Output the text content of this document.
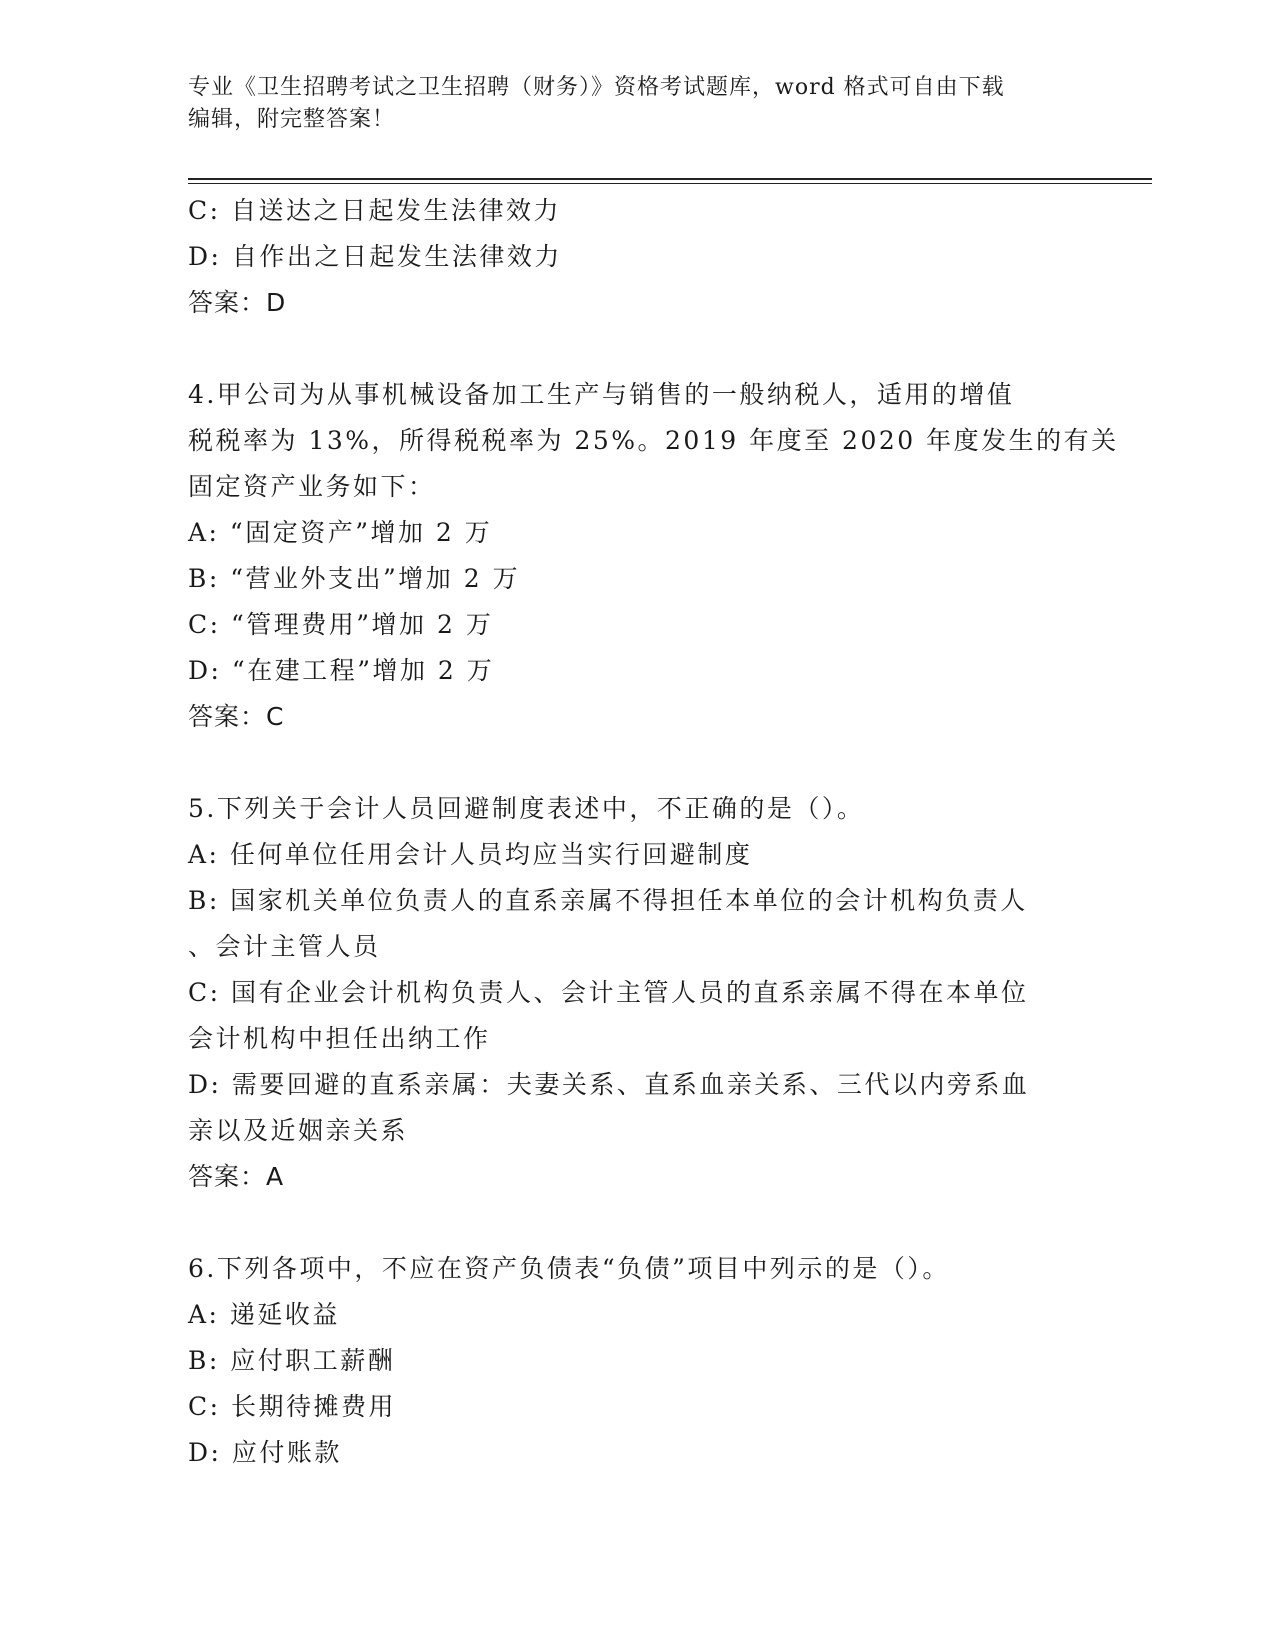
专业《卫生招聘考试之卫生招聘（财务）》资格考试题库，word 格式可自由下载
编辑，附完整答案！
C: 自送达之日起发生法律效力
D: 自作出之日起发生法律效力
答案：D
4.甲公司为从事机械设备加工生产与销售的一般纳税人，适用的增值
税税率为 13%，所得税税率为 25%。2019 年度至 2020 年度发生的有关
固定资产业务如下：
A: “固定资产”增加 2 万
B: “营业外支出”增加 2 万
C: “管理费用”增加 2 万
D: “在建工程”增加 2 万
答案：C
5.下列关于会计人员回避制度表述中，不正确的是（）。
A: 任何单位任用会计人员均应当实行回避制度
B: 国家机关单位负责人的直系亲属不得担任本单位的会计机构负责人
、会计主管人员
C: 国有企业会计机构负责人、会计主管人员的直系亲属不得在本单位
会计机构中担任出纳工作
D: 需要回避的直系亲属：夫妻关系、直系血亲关系、三代以内旁系血
亲以及近姻亲关系
答案：A
6.下列各项中，不应在资产负债表“负债”项目中列示的是（）。
A: 递延收益
B: 应付职工薪酬
C: 长期待摊费用
D: 应付账款
